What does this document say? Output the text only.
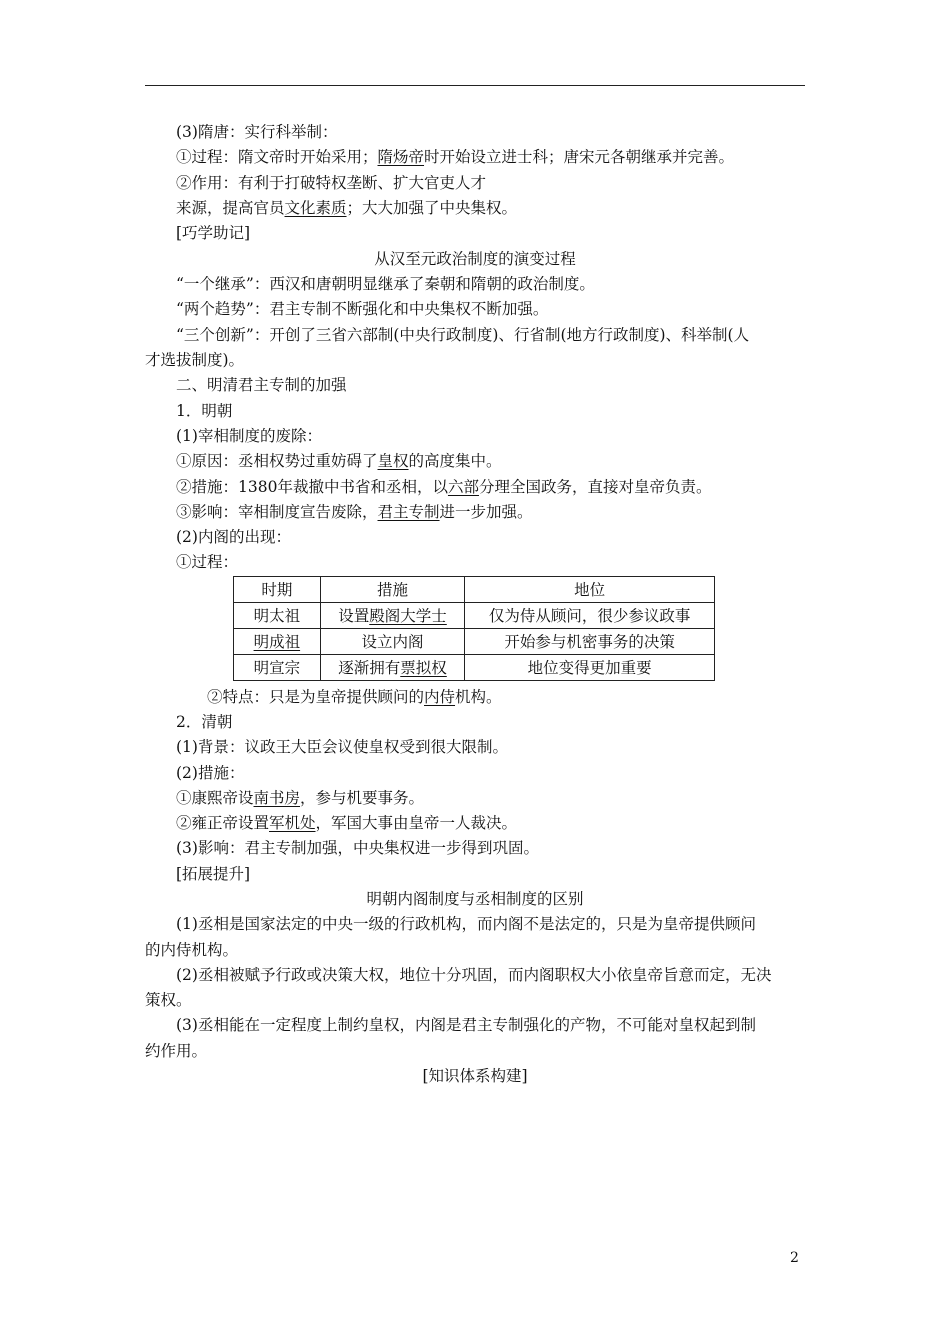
(3)隋唐：实行科举制：
①过程：隋文帝时开始采用；隋炀帝时开始设立进士科；唐宋元各朝继承并完善。
②作用：有利于打破特权垄断、扩大官吏人才
来源，提高官员文化素质；大大加强了中央集权。
[巧学助记]
从汉至元政治制度的演变过程
“一个继承”：西汉和唐朝明显继承了秦朝和隋朝的政治制度。
“两个趋势”：君主专制不断强化和中央集权不断加强。
“三个创新”：开创了三省六部制(中央行政制度)、行省制(地方行政制度)、科举制(人
才选拔制度)。
二、明清君主专制的加强
1．明朝
(1)宰相制度的废除：
①原因：丞相权势过重妨碍了皇权的高度集中。
②措施：1380年裁撤中书省和丞相，以六部分理全国政务，直接对皇帝负责。
③影响：宰相制度宣告废除，君主专制进一步加强。
(2)内阁的出现：
①过程：
时期	措施	地位
明太祖	设置殿阁大学士	仅为侍从顾问，很少参议政事
明成祖	设立内阁	开始参与机密事务的决策
明宣宗	逐渐拥有票拟权	地位变得更加重要
②特点：只是为皇帝提供顾问的内侍机构。
2．清朝
(1)背景：议政王大臣会议使皇权受到很大限制。
(2)措施：
①康熙帝设南书房，参与机要事务。
②雍正帝设置军机处，军国大事由皇帝一人裁决。
(3)影响：君主专制加强，中央集权进一步得到巩固。
[拓展提升]
明朝内阁制度与丞相制度的区别
(1)丞相是国家法定的中央一级的行政机构，而内阁不是法定的，只是为皇帝提供顾问
的内侍机构。
(2)丞相被赋予行政或决策大权，地位十分巩固，而内阁职权大小依皇帝旨意而定，无决
策权。
(3)丞相能在一定程度上制约皇权，内阁是君主专制强化的产物，不可能对皇权起到制
约作用。
[知识体系构建]
2
